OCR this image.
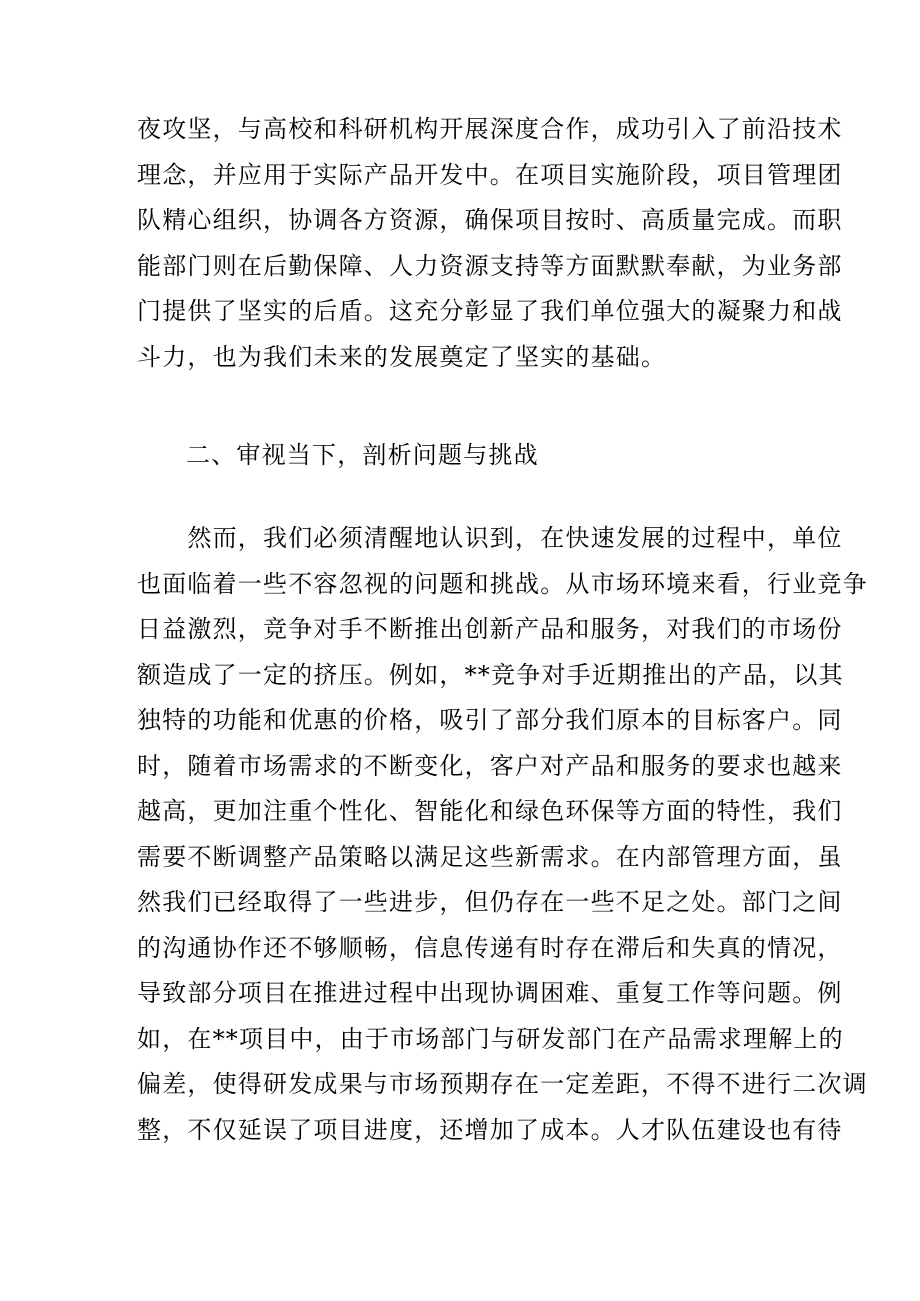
夜攻坚，与高校和科研机构开展深度合作，成功引入了前沿技术
理念，并应用于实际产品开发中。在项目实施阶段，项目管理团
队精心组织，协调各方资源，确保项目按时、高质量完成。而职
能部门则在后勤保障、人力资源支持等方面默默奉献，为业务部
门提供了坚实的后盾。这充分彰显了我们单位强大的凝聚力和战
斗力，也为我们未来的发展奠定了坚实的基础。
二、审视当下，剖析问题与挑战
　　然而，我们必须清醒地认识到，在快速发展的过程中，单位
也面临着一些不容忽视的问题和挑战。从市场环境来看，行业竞争
日益激烈，竞争对手不断推出创新产品和服务，对我们的市场份
额造成了一定的挤压。例如，**竞争对手近期推出的产品，以其
独特的功能和优惠的价格，吸引了部分我们原本的目标客户。同
时，随着市场需求的不断变化，客户对产品和服务的要求也越来
越高，更加注重个性化、智能化和绿色环保等方面的特性，我们
需要不断调整产品策略以满足这些新需求。在内部管理方面，虽
然我们已经取得了一些进步，但仍存在一些不足之处。部门之间
的沟通协作还不够顺畅，信息传递有时存在滞后和失真的情况，
导致部分项目在推进过程中出现协调困难、重复工作等问题。例
如，在**项目中，由于市场部门与研发部门在产品需求理解上的
偏差，使得研发成果与市场预期存在一定差距，不得不进行二次调
整，不仅延误了项目进度，还增加了成本。人才队伍建设也有待
